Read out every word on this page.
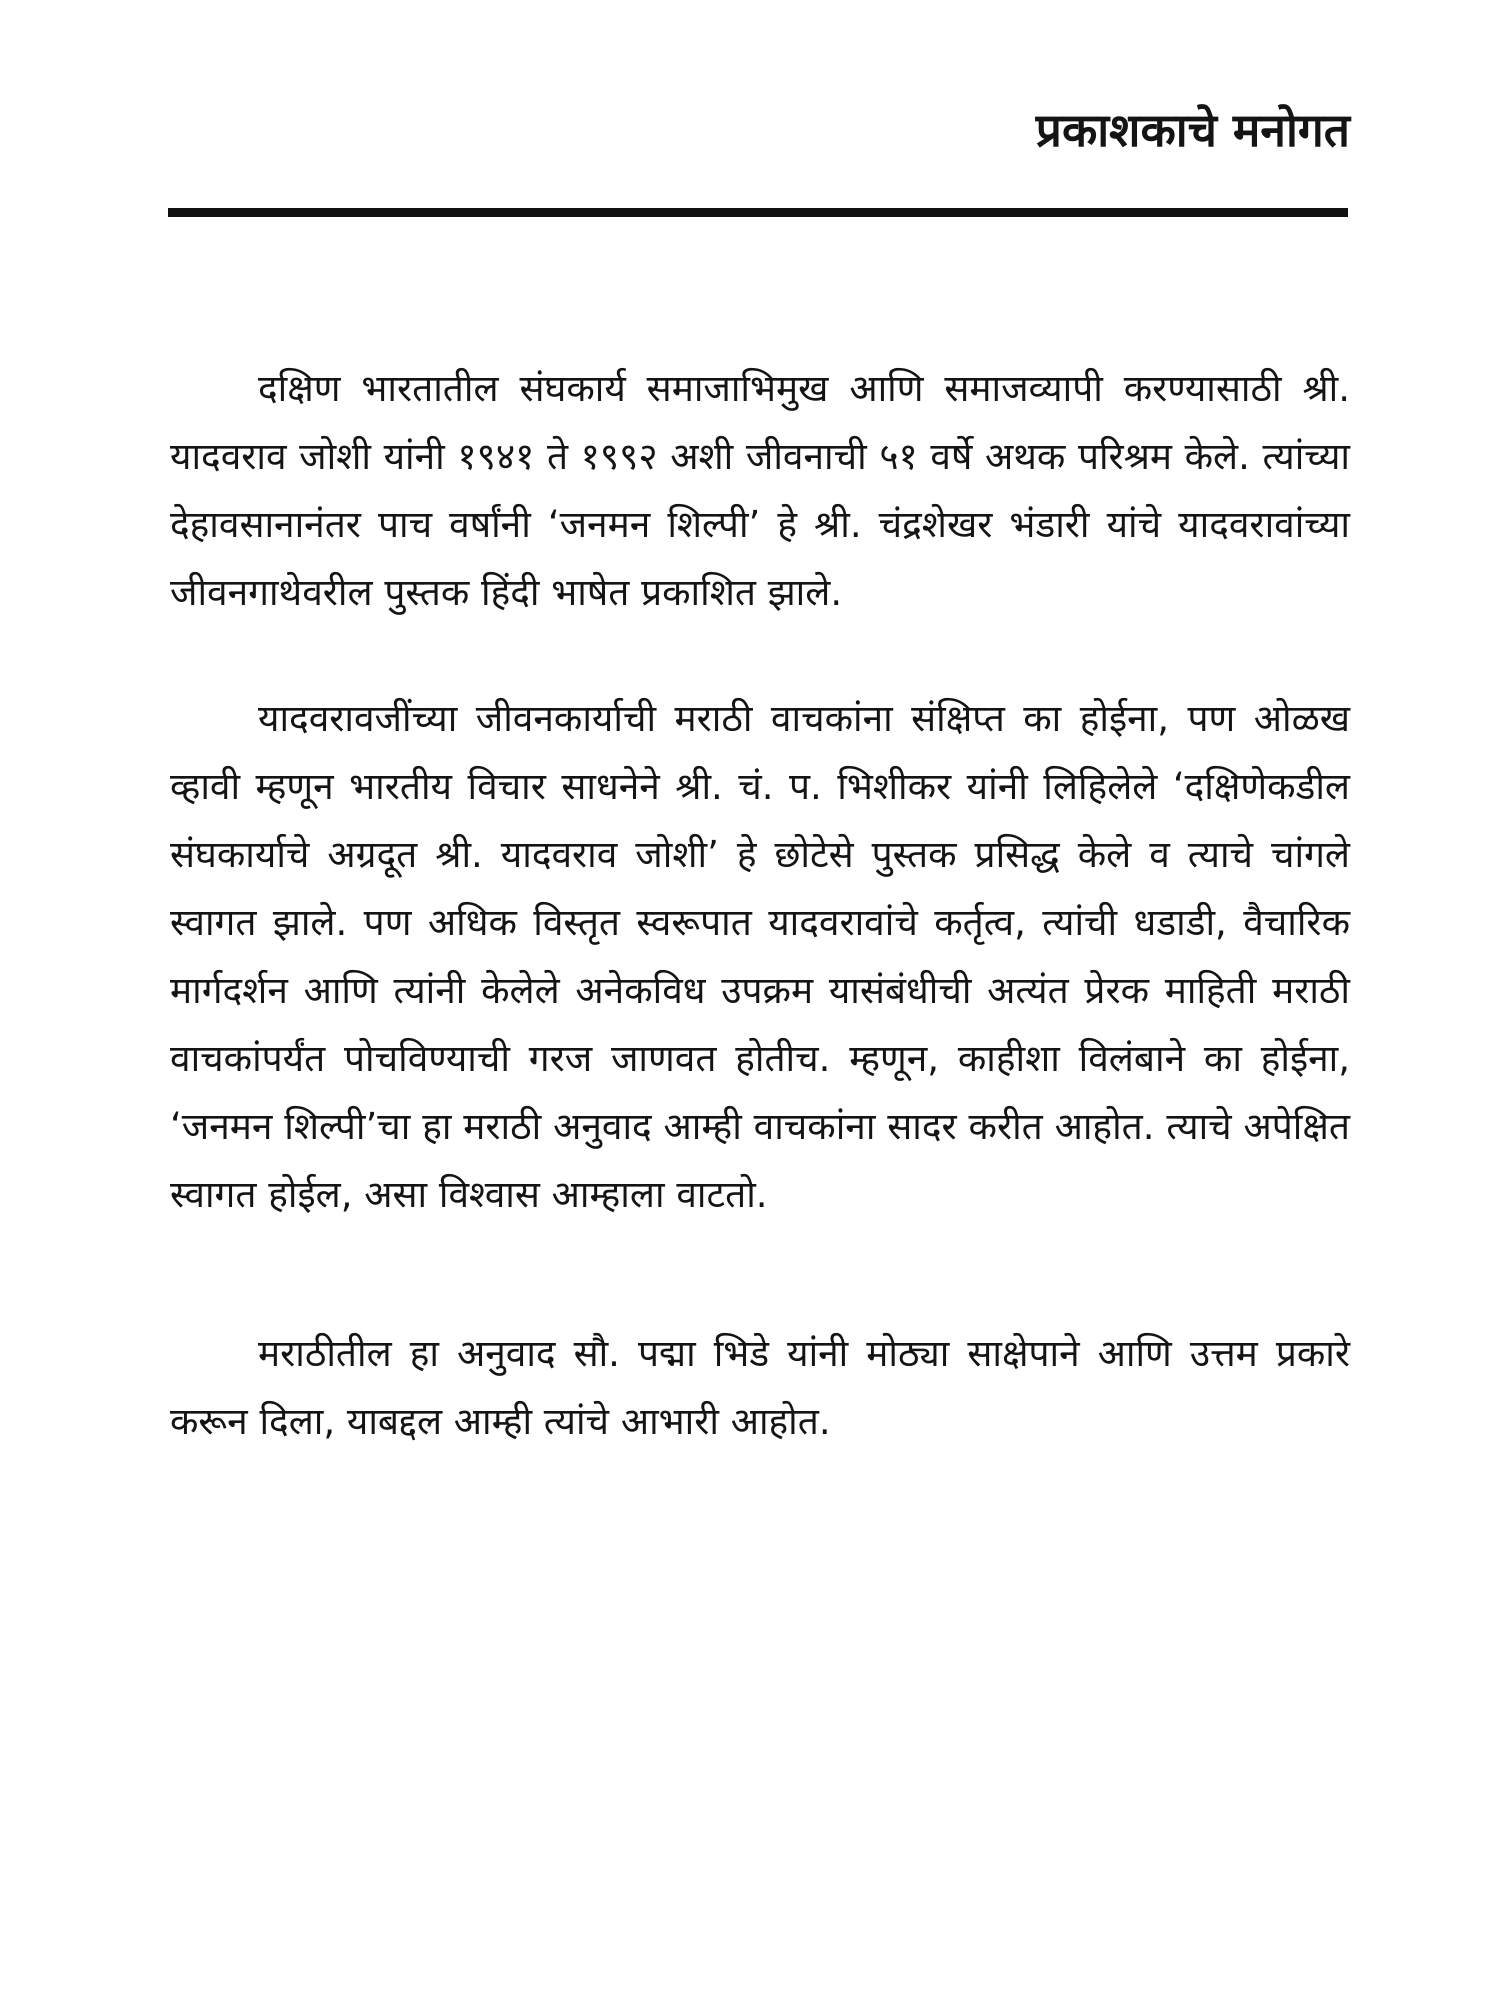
प्रकाशकाचे मनोगत

दक्षिण भारतातील संघकार्य समाजाभिमुख आणि समाजव्यापी करण्यासाठी श्री. यादवराव जोशी यांनी १९४१ ते १९९२ अशी जीवनाची ५१ वर्षे अथक परिश्रम केले. त्यांच्या देहावसानानंतर पाच वर्षांनी ‘जनमन शिल्पी’ हे श्री. चंद्रशेखर भंडारी यांचे यादवरावांच्या जीवनगाथेवरील पुस्तक हिंदी भाषेत प्रकाशित झाले.

यादवरावजींच्या जीवनकार्याची मराठी वाचकांना संक्षिप्त का होईना, पण ओळख व्हावी म्हणून भारतीय विचार साधनेने श्री. चं. प. भिशीकर यांनी लिहिलेले ‘दक्षिणेकडील संघकार्याचे अग्रदूत श्री. यादवराव जोशी’ हे छोटेसे पुस्तक प्रसिद्ध केले व त्याचे चांगले स्वागत झाले. पण अधिक विस्तृत स्वरूपात यादवरावांचे कर्तृत्व, त्यांची धडाडी, वैचारिक मार्गदर्शन आणि त्यांनी केलेले अनेकविध उपक्रम यासंबंधीची अत्यंत प्रेरक माहिती मराठी वाचकांपर्यंत पोचविण्याची गरज जाणवत होतीच. म्हणून, काहीशा विलंबाने का होईना, ‘जनमन शिल्पी’चा हा मराठी अनुवाद आम्ही वाचकांना सादर करीत आहोत. त्याचे अपेक्षित स्वागत होईल, असा विश्वास आम्हाला वाटतो.

मराठीतील हा अनुवाद सौ. पद्मा भिडे यांनी मोठ्या साक्षेपाने आणि उत्तम प्रकारे करून दिला, याबद्दल आम्ही त्यांचे आभारी आहोत.
